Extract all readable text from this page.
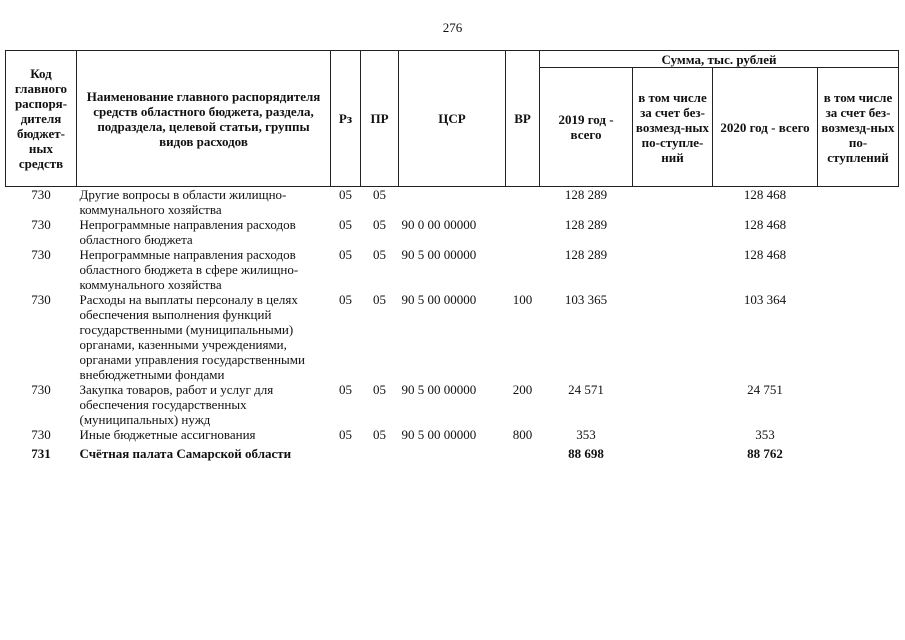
276
Код главного распоря-дителя бюджет-ных средств	Наименование главного распорядителя средств областного бюджета, раздела, подраздела, целевой статьи, группы видов расходов	Рз	ПР	ЦСР	ВР	Сумма, тыс. рублей			
						2019 год - всего	в том числе за счет без-возмезд-ных по-ступле-ний	2020 год - всего	в том числе за счет без-возмезд-ных по-ступлений
730	Другие вопросы в области жилищно-коммунального хозяйства	05	05			128 289		128 468	
730	Непрограммные направления расходов областного бюджета	05	05	90 0 00 00000		128 289		128 468	
730	Непрограммные направления расходов областного бюджета в сфере жилищно-коммунального хозяйства	05	05	90 5 00 00000		128 289		128 468	
730	Расходы на выплаты персоналу в целях обеспечения выполнения функций государственными (муниципальными) органами, казенными учреждениями, органами управления государственными внебюджетными фондами	05	05	90 5 00 00000	100	103 365		103 364	
730	Закупка товаров, работ и услуг для обеспечения государственных (муниципальных) нужд	05	05	90 5 00 00000	200	24 571		24 751	
730	Иные бюджетные ассигнования	05	05	90 5 00 00000	800	353		353	
731	Счётная палата Самарской области					88 698		88 762	
